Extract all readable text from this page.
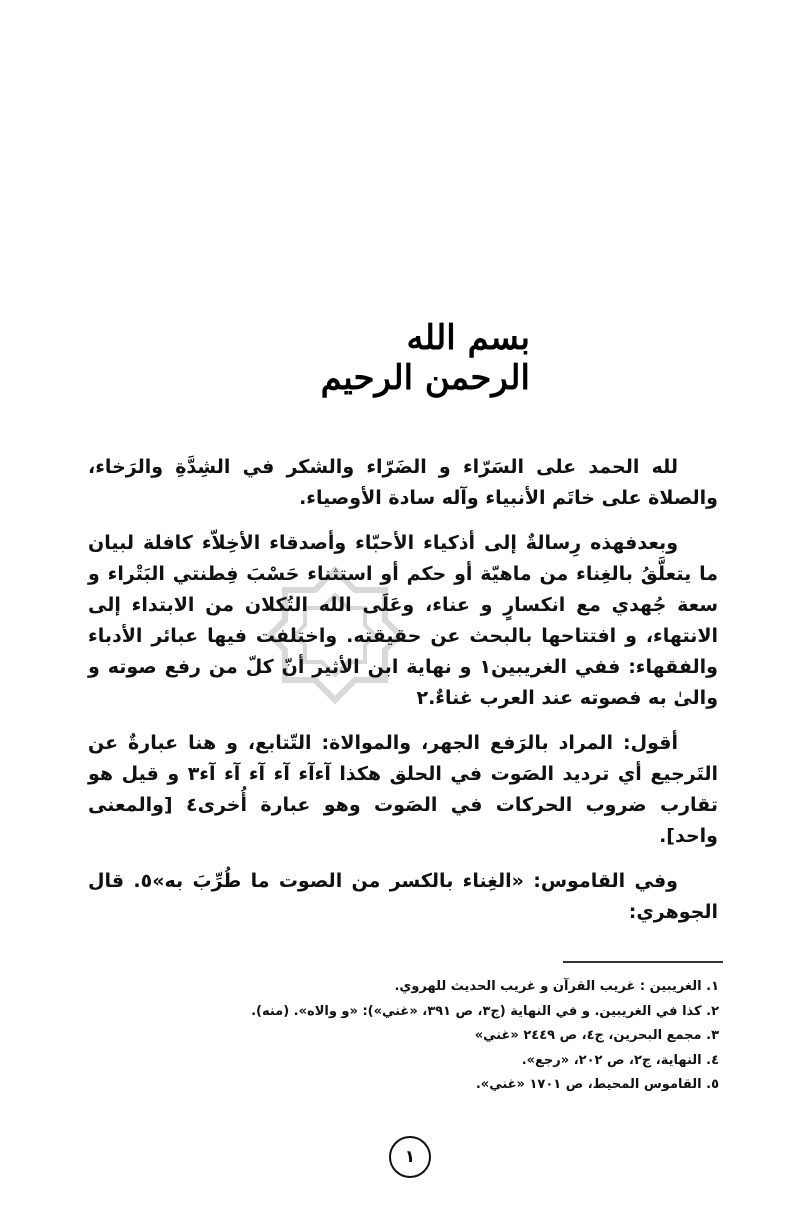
بسم الله الرحمن الرحيم

لله الحمد على السَرّاء و الضَرّاء والشكر في الشِدَّةِ والرَخاء، والصلاة على خاتَم الأنبياء وآله سادة الأوصياء.

وبعدفهذه رِسالةٌ إلى أذكياء الأحبّاء وأصدقاء الأخِلاّء كافلة لبيان ما يتعلَّقُ بالغِناء من ماهيّة أو حكم أو استثناء حَسْبَ فِطنتي البَتْراء و سعة جُهدي مع انكسارٍ و عناء، وعَلَى الله التُكلان من الابتداء إلى الانتهاء، و افتتاحها بالبحث عن حقيقته. واختلفت فيها عبائر الأدباء والفقهاء: ففي الغريبين١ و نهاية ابن الأثير أنّ كلّ من رفع صوته و والىٰ به فصوته عند العرب غناءٌ.٢

أقول: المراد بالرَفع الجهر، والموالاة: التّتابع، و هنا عبارةٌ عن التَرجيع أي ترديد الصَوت في الحلق هكذا آءآء آء آء آء آء٣ و قيل هو تقارب ضروب الحركات في الصَوت وهو عبارة أُخرى٤ [والمعنى واحد].

وفي القاموس: «الغِناء بالكسر من الصوت ما طُرِّبَ به»٥. قال الجوهري:

١. الغريبين : غريب القرآن و غريب الحديث للهروي.
٢. كذا في الغريبين. و في النهاية (ج٣، ص ٣٩١، «غني»): «و والاه». (منه).
٣. مجمع البحرين، ج٤، ص ٢٤٤٩ «غني»
٤. النهاية، ج٢، ص ٢٠٢، «رجع».
٥. القاموس المحيط، ص ١٧٠١ «غني».
١
